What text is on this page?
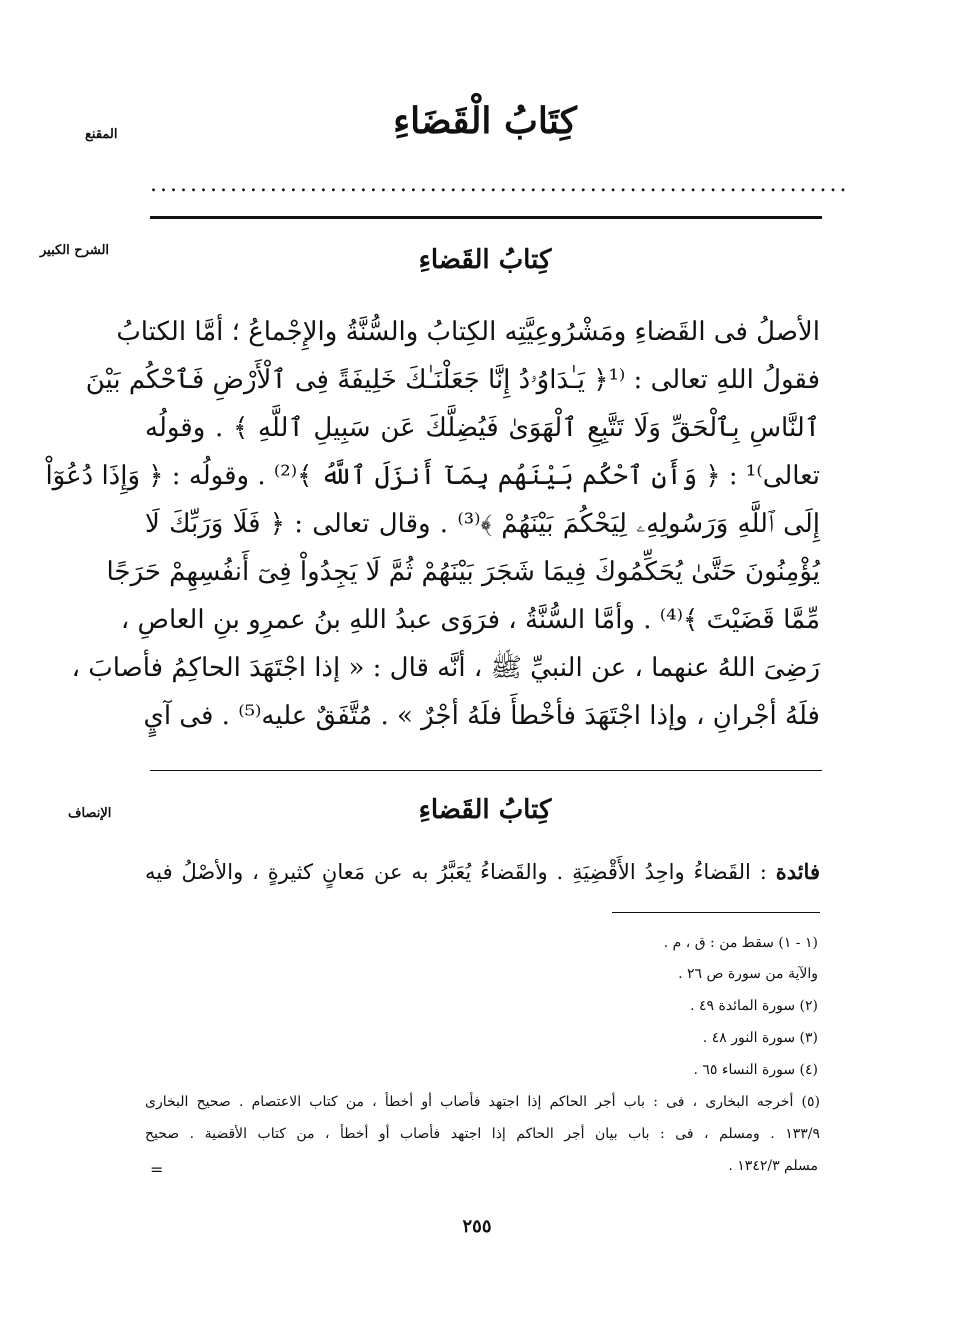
المقنع	كِتَابُ الْقَضَاءِ
......................................................................
الشرح الكبير	كِتابُ القَضاءِ
الأصلُ فى القَضاءِ ومَشْرُوعِيَّتِه الكِتابُ والسُّنَّةُ والإِجْماعُ ؛ أمَّا الكتابُ
فقولُ اللهِ تعالى : ⁽¹﴿ يَـٰدَاوُۥدُ إِنَّا جَعَلْنَـٰكَ خَلِيفَةً فِى ٱلْأَرْضِ فَٱحْكُم بَيْنَ
ٱلنَّاسِ بِٱلْحَقِّ وَلَا تَتَّبِعِ ٱلْهَوَىٰ فَيُضِلَّكَ عَن سَبِيلِ ٱللَّهِ ﴾ . وقولُه
تعالى⁾¹ : ﴿ وَأَنِ ٱحْكُم بَيْنَهُم بِمَآ أَنزَلَ ٱللَّهُ ﴾⁽²⁾ . وقولُه : ﴿ وَإِذَا دُعُوٓاْ
إِلَى ٱللَّهِ وَرَسُولِهِۦ لِيَحْكُمَ بَيْنَهُمْ ﴾⁽³⁾ . وقال تعالى : ﴿ فَلَا وَرَبِّكَ لَا
يُؤْمِنُونَ حَتَّىٰ يُحَكِّمُوكَ فِيمَا شَجَرَ بَيْنَهُمْ ثُمَّ لَا يَجِدُواْ فِىٓ أَنفُسِهِمْ حَرَجًا
مِّمَّا قَضَيْتَ ﴾⁽⁴⁾ . وأمَّا السُّنَّةُ ، فرَوَى عبدُ اللهِ بنُ عمرِو بنِ العاصِ ،
رَضِىَ اللهُ عنهما ، عن النبيِّ ﷺ ، أنَّه قال : « إذا اجْتَهَدَ الحاكِمُ فأصابَ ،
فلَهُ أجْرانِ ، وإذا اجْتَهَدَ فأخْطأَ فلَهُ أجْرٌ » . مُتَّفَقٌ عليه⁽⁵⁾ . فى آيٍ
الإنصاف	كِتابُ القَضاءِ
فائدة : القَضاءُ واحِدُ الأَقْضِيَةِ . والقَضاءُ يُعَبَّرُ به عن مَعانٍ كثيرةٍ ، والأصْلُ فيه
(١ - ١) سقط من : ق ، م .
والآية من سورة ص ٢٦ .
(٢) سورة المائدة ٤٩ .
(٣) سورة النور ٤٨ .
(٤) سورة النساء ٦٥ .
(٥) أخرجه البخارى ، فى : باب أجر الحاكم إذا اجتهد فأصاب أو أخطأ ، من كتاب الاعتصام . صحيح البخارى
١٣٣/٩ . ومسلم ، فى : باب بيان أجر الحاكم إذا اجتهد فأصاب أو أخطأ ، من كتاب الأقضية . صحيح
مسلم ١٣٤٢/٣ .
=
٢٥٥
